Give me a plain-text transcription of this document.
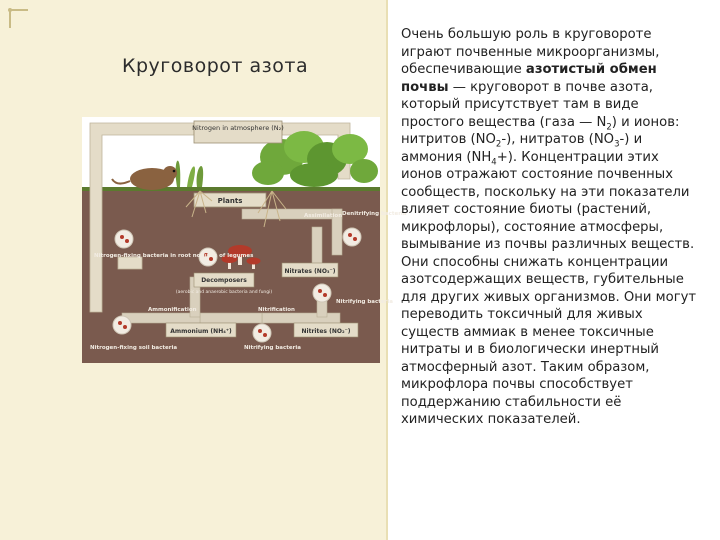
Круговорот азота
Nitrogen in atmosphere (N₂)
Plants
Assimilation Denitrifying bacteria
Nitrogen-fixing bacteria in root nodules of legumes
Decomposers
(aerobic and anaerobic bacteria and fungi)
Nitrates (NO₃⁻)
Ammonification	Nitrification
Nitrifying bacteria
Ammonium (NH₄⁺)	Nitrites (NO₂⁻)
Nitrogen-fixing soil bacteria	Nitrifying bacteria
Очень большую роль в круговороте играют почвенные микроорганизмы, обеспечивающие азотистый обмен почвы — круговорот в почве азота, который присутствует там в виде простого вещества (газа — $N_2$) и ионов: нитритов $(NO_2-)$, нитратов $(NO_3-)$ и аммония $(NH_4+)$. Концентрации этих ионов отражают состояние почвенных сообществ, поскольку на эти показатели влияет состояние биоты (растений, микрофлоры), состояние атмосферы, вымывание из почвы различных веществ. Они способны снижать концентрации азотсодержащих веществ, губительные для других живых организмов. Они могут переводить токсичный для живых существ аммиак в менее токсичные нитраты и в биологически инертный атмосферный азот. Таким образом, микрофлора почвы способствует поддержанию стабильности её химических показателей.
